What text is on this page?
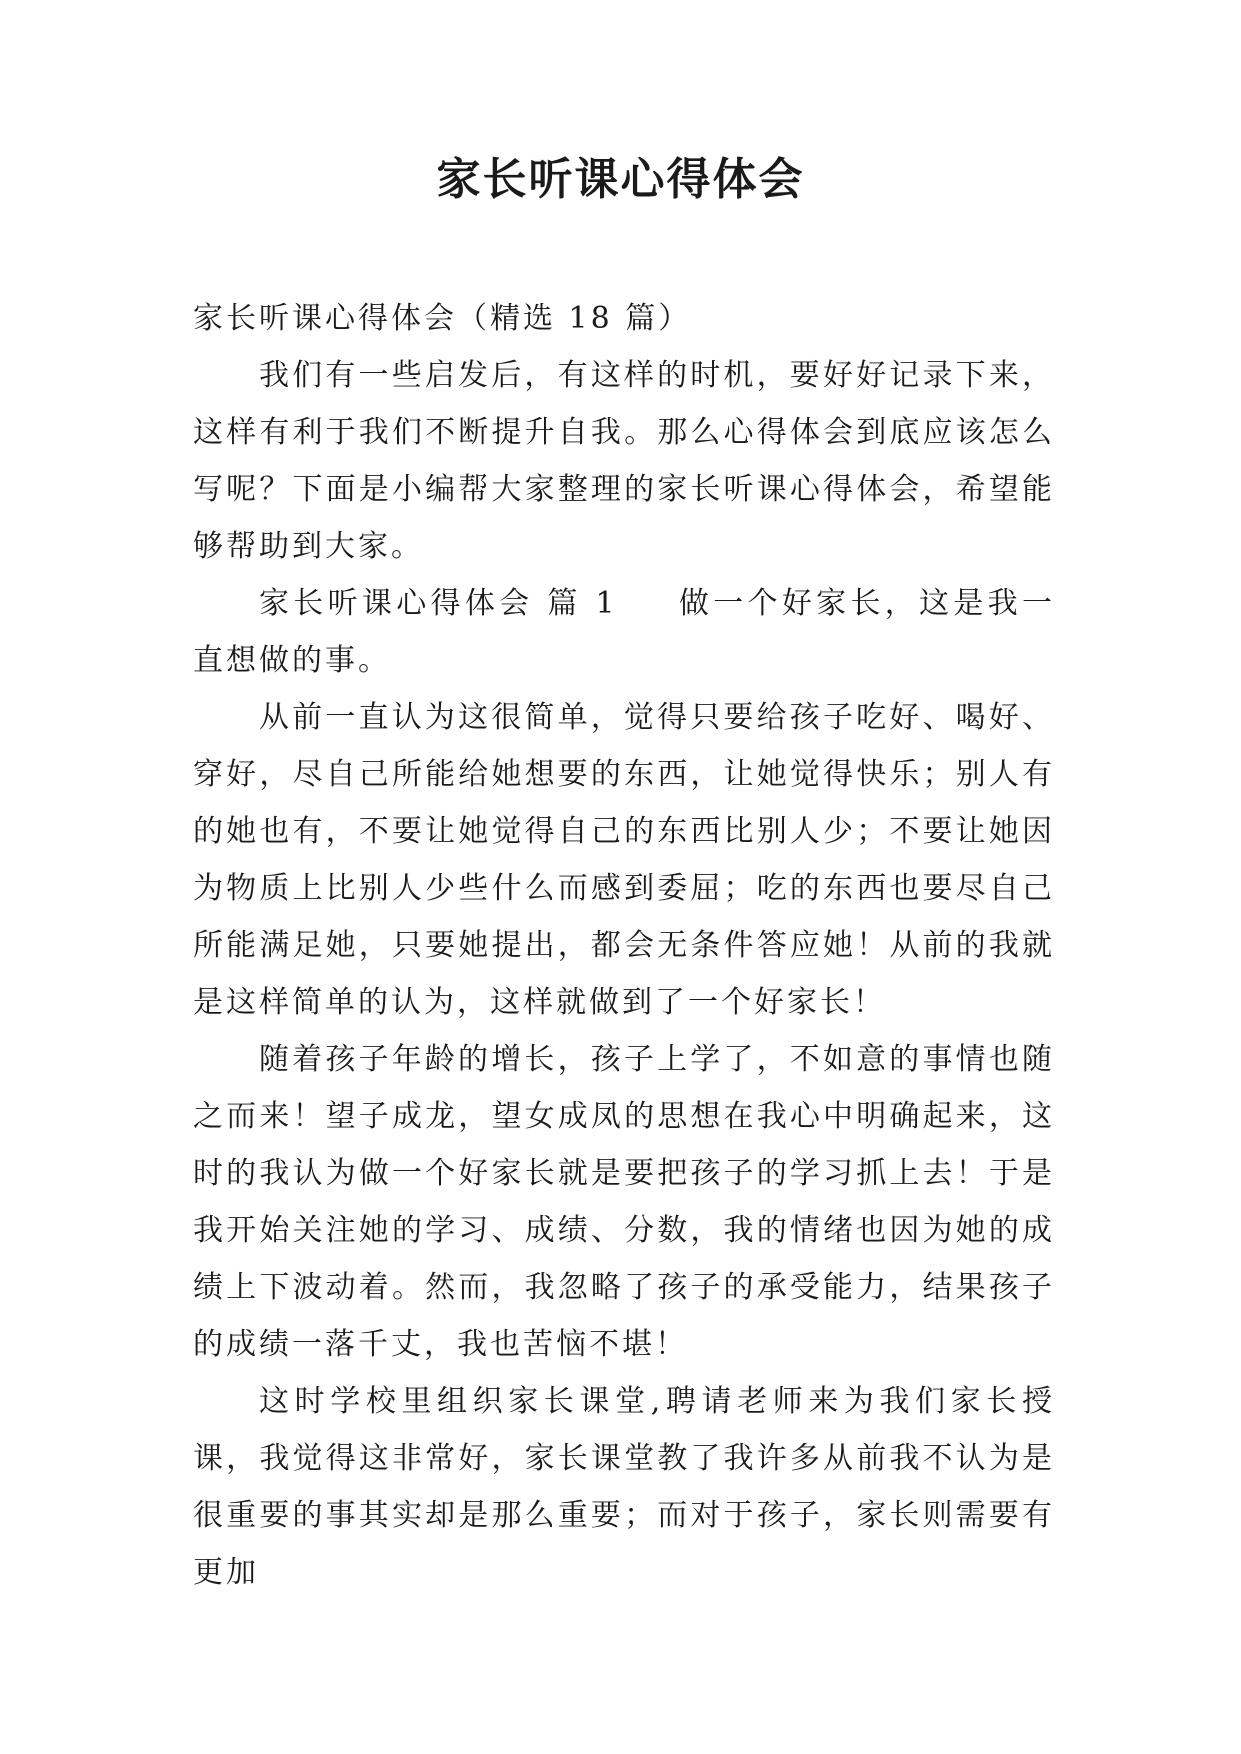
家长听课心得体会

家长听课心得体会（精选 18 篇）

我们有一些启发后，有这样的时机，要好好记录下来，这样有利于我们不断提升自我。那么心得体会到底应该怎么写呢？下面是小编帮大家整理的家长听课心得体会，希望能够帮助到大家。

家长听课心得体会 篇 1 做一个好家长，这是我一直想做的事。

从前一直认为这很简单，觉得只要给孩子吃好、喝好、穿好，尽自己所能给她想要的东西，让她觉得快乐；别人有的她也有，不要让她觉得自己的东西比别人少；不要让她因为物质上比别人少些什么而感到委屈；吃的东西也要尽自己所能满足她，只要她提出，都会无条件答应她！从前的我就是这样简单的认为，这样就做到了一个好家长！

随着孩子年龄的增长，孩子上学了，不如意的事情也随之而来！望子成龙，望女成凤的思想在我心中明确起来，这时的我认为做一个好家长就是要把孩子的学习抓上去！于是我开始关注她的学习、成绩、分数，我的情绪也因为她的成绩上下波动着。然而，我忽略了孩子的承受能力，结果孩子的成绩一落千丈，我也苦恼不堪！

这时学校里组织家长课堂,聘请老师来为我们家长授课，我觉得这非常好，家长课堂教了我许多从前我不认为是很重要的事其实却是那么重要；而对于孩子，家长则需要有更加
